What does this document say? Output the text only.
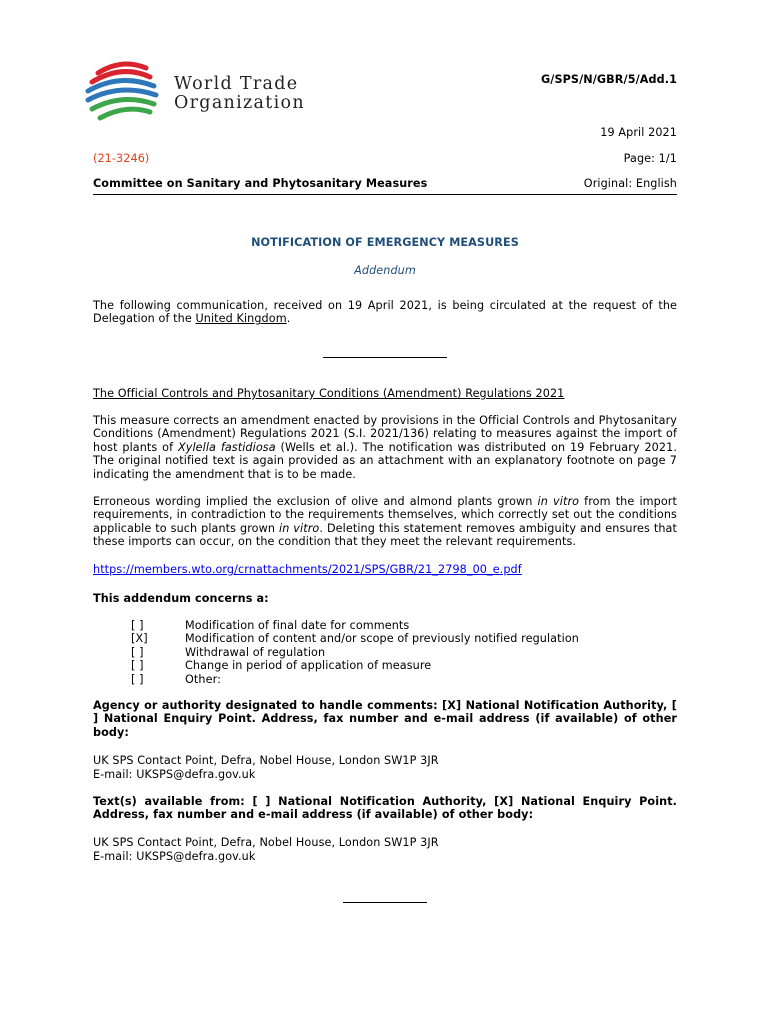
World Trade
Organization
G/SPS/N/GBR/5/Add.1
19 April 2021
(21-3246)	Page: 1/1
Committee on Sanitary and Phytosanitary Measures	Original: English
NOTIFICATION OF EMERGENCY MEASURES
Addendum
The following communication, received on 19 April 2021, is being circulated at the request of the Delegation of the United Kingdom.
The Official Controls and Phytosanitary Conditions (Amendment) Regulations 2021
This measure corrects an amendment enacted by provisions in the Official Controls and Phytosanitary Conditions (Amendment) Regulations 2021 (S.I. 2021/136) relating to measures against the import of host plants of Xylella fastidiosa (Wells et al.). The notification was distributed on 19 February 2021. The original notified text is again provided as an attachment with an explanatory footnote on page 7 indicating the amendment that is to be made.
Erroneous wording implied the exclusion of olive and almond plants grown in vitro from the import requirements, in contradiction to the requirements themselves, which correctly set out the conditions applicable to such plants grown in vitro. Deleting this statement removes ambiguity and ensures that these imports can occur, on the condition that they meet the relevant requirements.
https://members.wto.org/crnattachments/2021/SPS/GBR/21_2798_00_e.pdf
This addendum concerns a:
[ ]	Modification of final date for comments
[X]	Modification of content and/or scope of previously notified regulation
[ ]	Withdrawal of regulation
[ ]	Change in period of application of measure
[ ]	Other:
Agency or authority designated to handle comments: [X] National Notification Authority, [ ] National Enquiry Point. Address, fax number and e-mail address (if available) of other body:
UK SPS Contact Point, Defra, Nobel House, London SW1P 3JR
E-mail: UKSPS@defra.gov.uk
Text(s) available from: [ ] National Notification Authority, [X] National Enquiry Point. Address, fax number and e-mail address (if available) of other body:
UK SPS Contact Point, Defra, Nobel House, London SW1P 3JR
E-mail: UKSPS@defra.gov.uk
